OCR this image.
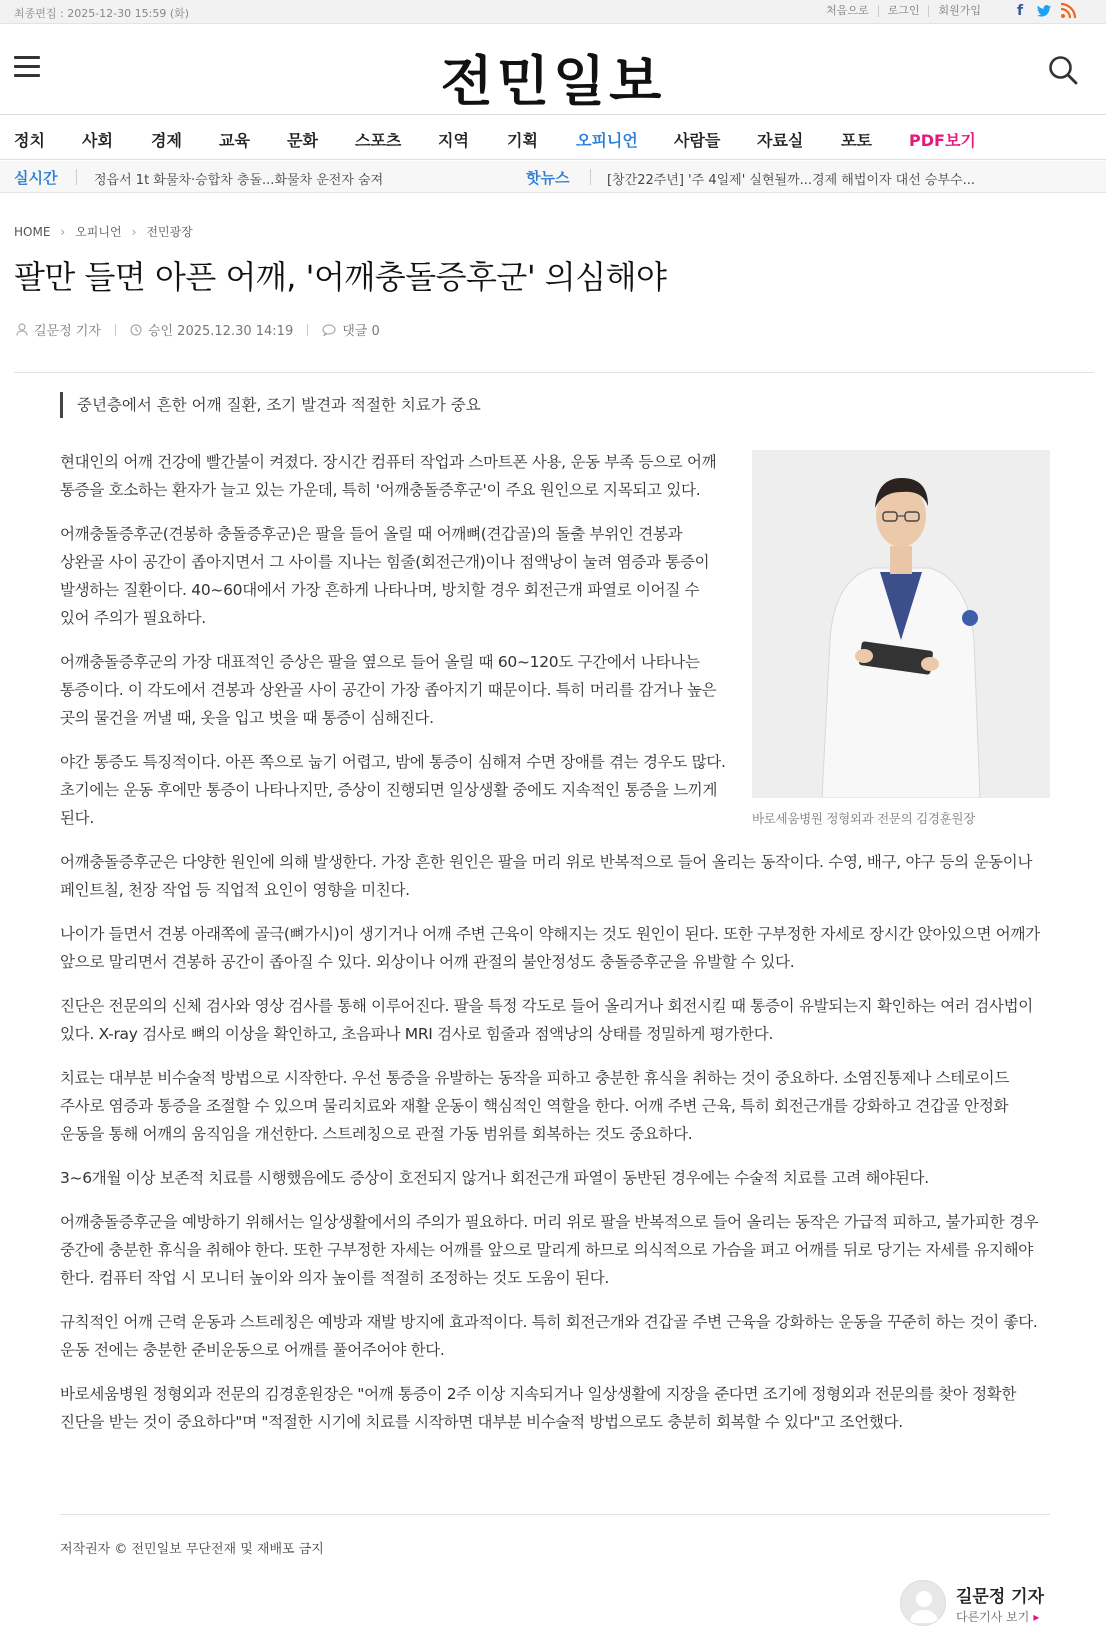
최종편집 : 2025-12-30 15:59 (화)	처음으로	로그인	회원가입	f
전민일보
정치 사회 경제 교육 문화 스포츠 지역 기획 오피니언 사람들 자료실 포토 PDF보기
실시간	정읍서 1t 화물차·승합차 충돌...화물차 운전자 숨져	핫뉴스	[창간22주년] '주 4일제' 실현될까...경제 해법이자 대선 승부수...
HOME › 오피니언 › 전민광장
팔만 들면 아픈 어깨, '어깨충돌증후군' 의심해야
길문정 기자	승인 2025.12.30 14:19	댓글 0
중년층에서 흔한 어깨 질환, 조기 발견과 적절한 치료가 중요
바로세움병원 정형외과 전문의 김경훈원장

현대인의 어깨 건강에 빨간불이 켜졌다. 장시간 컴퓨터 작업과 스마트폰 사용, 운동 부족 등으로 어깨 통증을 호소하는 환자가 늘고 있는 가운데, 특히 '어깨충돌증후군'이 주요 원인으로 지목되고 있다.

어깨충돌증후군(견봉하 충돌증후군)은 팔을 들어 올릴 때 어깨뼈(견갑골)의 돌출 부위인 견봉과 상완골 사이 공간이 좁아지면서 그 사이를 지나는 힘줄(회전근개)이나 점액낭이 눌려 염증과 통증이 발생하는 질환이다. 40~60대에서 가장 흔하게 나타나며, 방치할 경우 회전근개 파열로 이어질 수 있어 주의가 필요하다.

어깨충돌증후군의 가장 대표적인 증상은 팔을 옆으로 들어 올릴 때 60~120도 구간에서 나타나는 통증이다. 이 각도에서 견봉과 상완골 사이 공간이 가장 좁아지기 때문이다. 특히 머리를 감거나 높은 곳의 물건을 꺼낼 때, 옷을 입고 벗을 때 통증이 심해진다.

야간 통증도 특징적이다. 아픈 쪽으로 눕기 어렵고, 밤에 통증이 심해져 수면 장애를 겪는 경우도 많다. 초기에는 운동 후에만 통증이 나타나지만, 증상이 진행되면 일상생활 중에도 지속적인 통증을 느끼게 된다.

어깨충돌증후군은 다양한 원인에 의해 발생한다. 가장 흔한 원인은 팔을 머리 위로 반복적으로 들어 올리는 동작이다. 수영, 배구, 야구 등의 운동이나 페인트칠, 천장 작업 등 직업적 요인이 영향을 미친다.

나이가 들면서 견봉 아래쪽에 골극(뼈가시)이 생기거나 어깨 주변 근육이 약해지는 것도 원인이 된다. 또한 구부정한 자세로 장시간 앉아있으면 어깨가 앞으로 말리면서 견봉하 공간이 좁아질 수 있다. 외상이나 어깨 관절의 불안정성도 충돌증후군을 유발할 수 있다.

진단은 전문의의 신체 검사와 영상 검사를 통해 이루어진다. 팔을 특정 각도로 들어 올리거나 회전시킬 때 통증이 유발되는지 확인하는 여러 검사법이 있다. X-ray 검사로 뼈의 이상을 확인하고, 초음파나 MRI 검사로 힘줄과 점액낭의 상태를 정밀하게 평가한다.

치료는 대부분 비수술적 방법으로 시작한다. 우선 통증을 유발하는 동작을 피하고 충분한 휴식을 취하는 것이 중요하다. 소염진통제나 스테로이드 주사로 염증과 통증을 조절할 수 있으며 물리치료와 재활 운동이 핵심적인 역할을 한다. 어깨 주변 근육, 특히 회전근개를 강화하고 견갑골 안정화 운동을 통해 어깨의 움직임을 개선한다. 스트레칭으로 관절 가동 범위를 회복하는 것도 중요하다.

3~6개월 이상 보존적 치료를 시행했음에도 증상이 호전되지 않거나 회전근개 파열이 동반된 경우에는 수술적 치료를 고려 해야된다.

어깨충돌증후군을 예방하기 위해서는 일상생활에서의 주의가 필요하다. 머리 위로 팔을 반복적으로 들어 올리는 동작은 가급적 피하고, 불가피한 경우 중간에 충분한 휴식을 취해야 한다. 또한 구부정한 자세는 어깨를 앞으로 말리게 하므로 의식적으로 가슴을 펴고 어깨를 뒤로 당기는 자세를 유지해야 한다. 컴퓨터 작업 시 모니터 높이와 의자 높이를 적절히 조정하는 것도 도움이 된다.

규칙적인 어깨 근력 운동과 스트레칭은 예방과 재발 방지에 효과적이다. 특히 회전근개와 견갑골 주변 근육을 강화하는 운동을 꾸준히 하는 것이 좋다. 운동 전에는 충분한 준비운동으로 어깨를 풀어주어야 한다.

바로세움병원 정형외과 전문의 김경훈원장은 "어깨 통증이 2주 이상 지속되거나 일상생활에 지장을 준다면 조기에 정형외과 전문의를 찾아 정확한 진단을 받는 것이 중요하다"며 "적절한 시기에 치료를 시작하면 대부분 비수술적 방법으로도 충분히 회복할 수 있다"고 조언했다.

저작권자 © 전민일보 무단전재 및 재배포 금지
길문정 기자
다른기사 보기 ▸
